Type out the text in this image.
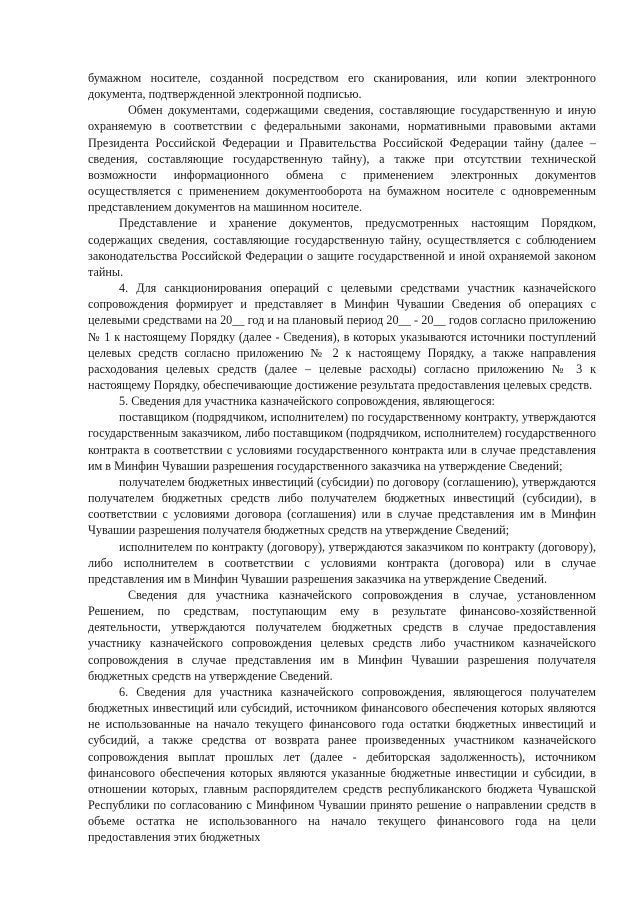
бумажном носителе, созданной посредством его сканирования, или копии электронного документа, подтвержденной электронной подписью.

Обмен документами, содержащими сведения, составляющие государственную и иную охраняемую в соответствии с федеральными законами, нормативными правовыми актами Президента Российской Федерации и Правительства Российской Федерации тайну (далее – сведения, составляющие государственную тайну), а также при отсутствии технической возможности информационного обмена с применением электронных документов осуществляется с применением документооборота на бумажном носителе с одновременным представлением документов на машинном носителе.

Представление и хранение документов, предусмотренных настоящим Порядком, содержащих сведения, составляющие государственную тайну, осуществляется с соблюдением законодательства Российской Федерации о защите государственной и иной охраняемой законом тайны.

4. Для санкционирования операций с целевыми средствами участник казначейского сопровождения формирует и представляет в Минфин Чувашии Сведения об операциях с целевыми средствами на 20__ год и на плановый период 20__ - 20__ годов согласно приложению № 1 к настоящему Порядку (далее - Сведения), в которых указываются источники поступлений целевых средств согласно приложению № 2 к настоящему Порядку, а также направления расходования целевых средств (далее – целевые расходы) согласно приложению № 3 к настоящему Порядку, обеспечивающие достижение результата предоставления целевых средств.

5. Сведения для участника казначейского сопровождения, являющегося:

поставщиком (подрядчиком, исполнителем) по государственному контракту, утверждаются государственным заказчиком, либо поставщиком (подрядчиком, исполнителем) государственного контракта в соответствии с условиями государственного контракта или в случае представления им в Минфин Чувашии разрешения государственного заказчика на утверждение Сведений;

получателем бюджетных инвестиций (субсидии) по договору (соглашению), утверждаются получателем бюджетных средств либо получателем бюджетных инвестиций (субсидии), в соответствии с условиями договора (соглашения) или в случае представления им в Минфин Чувашии разрешения получателя бюджетных средств на утверждение Сведений;

исполнителем по контракту (договору), утверждаются заказчиком по контракту (договору), либо исполнителем в соответствии с условиями контракта (договора) или в случае представления им в Минфин Чувашии разрешения заказчика на утверждение Сведений.

Сведения для участника казначейского сопровождения в случае, установленном Решением, по средствам, поступающим ему в результате финансово-хозяйственной деятельности, утверждаются получателем бюджетных средств в случае предоставления участнику казначейского сопровождения целевых средств либо участником казначейского сопровождения в случае представления им в Минфин Чувашии разрешения получателя бюджетных средств на утверждение Сведений.

6. Сведения для участника казначейского сопровождения, являющегося получателем бюджетных инвестиций или субсидий, источником финансового обеспечения которых являются не использованные на начало текущего финансового года остатки бюджетных инвестиций и субсидий, а также средства от возврата ранее произведенных участником казначейского сопровождения выплат прошлых лет (далее - дебиторская задолженность), источником финансового обеспечения которых являются указанные бюджетные инвестиции и субсидии, в отношении которых, главным распорядителем средств республиканского бюджета Чувашской Республики по согласованию с Минфином Чувашии принято решение о направлении средств в объеме остатка не использованного на начало текущего финансового года на цели предоставления этих бюджетных
